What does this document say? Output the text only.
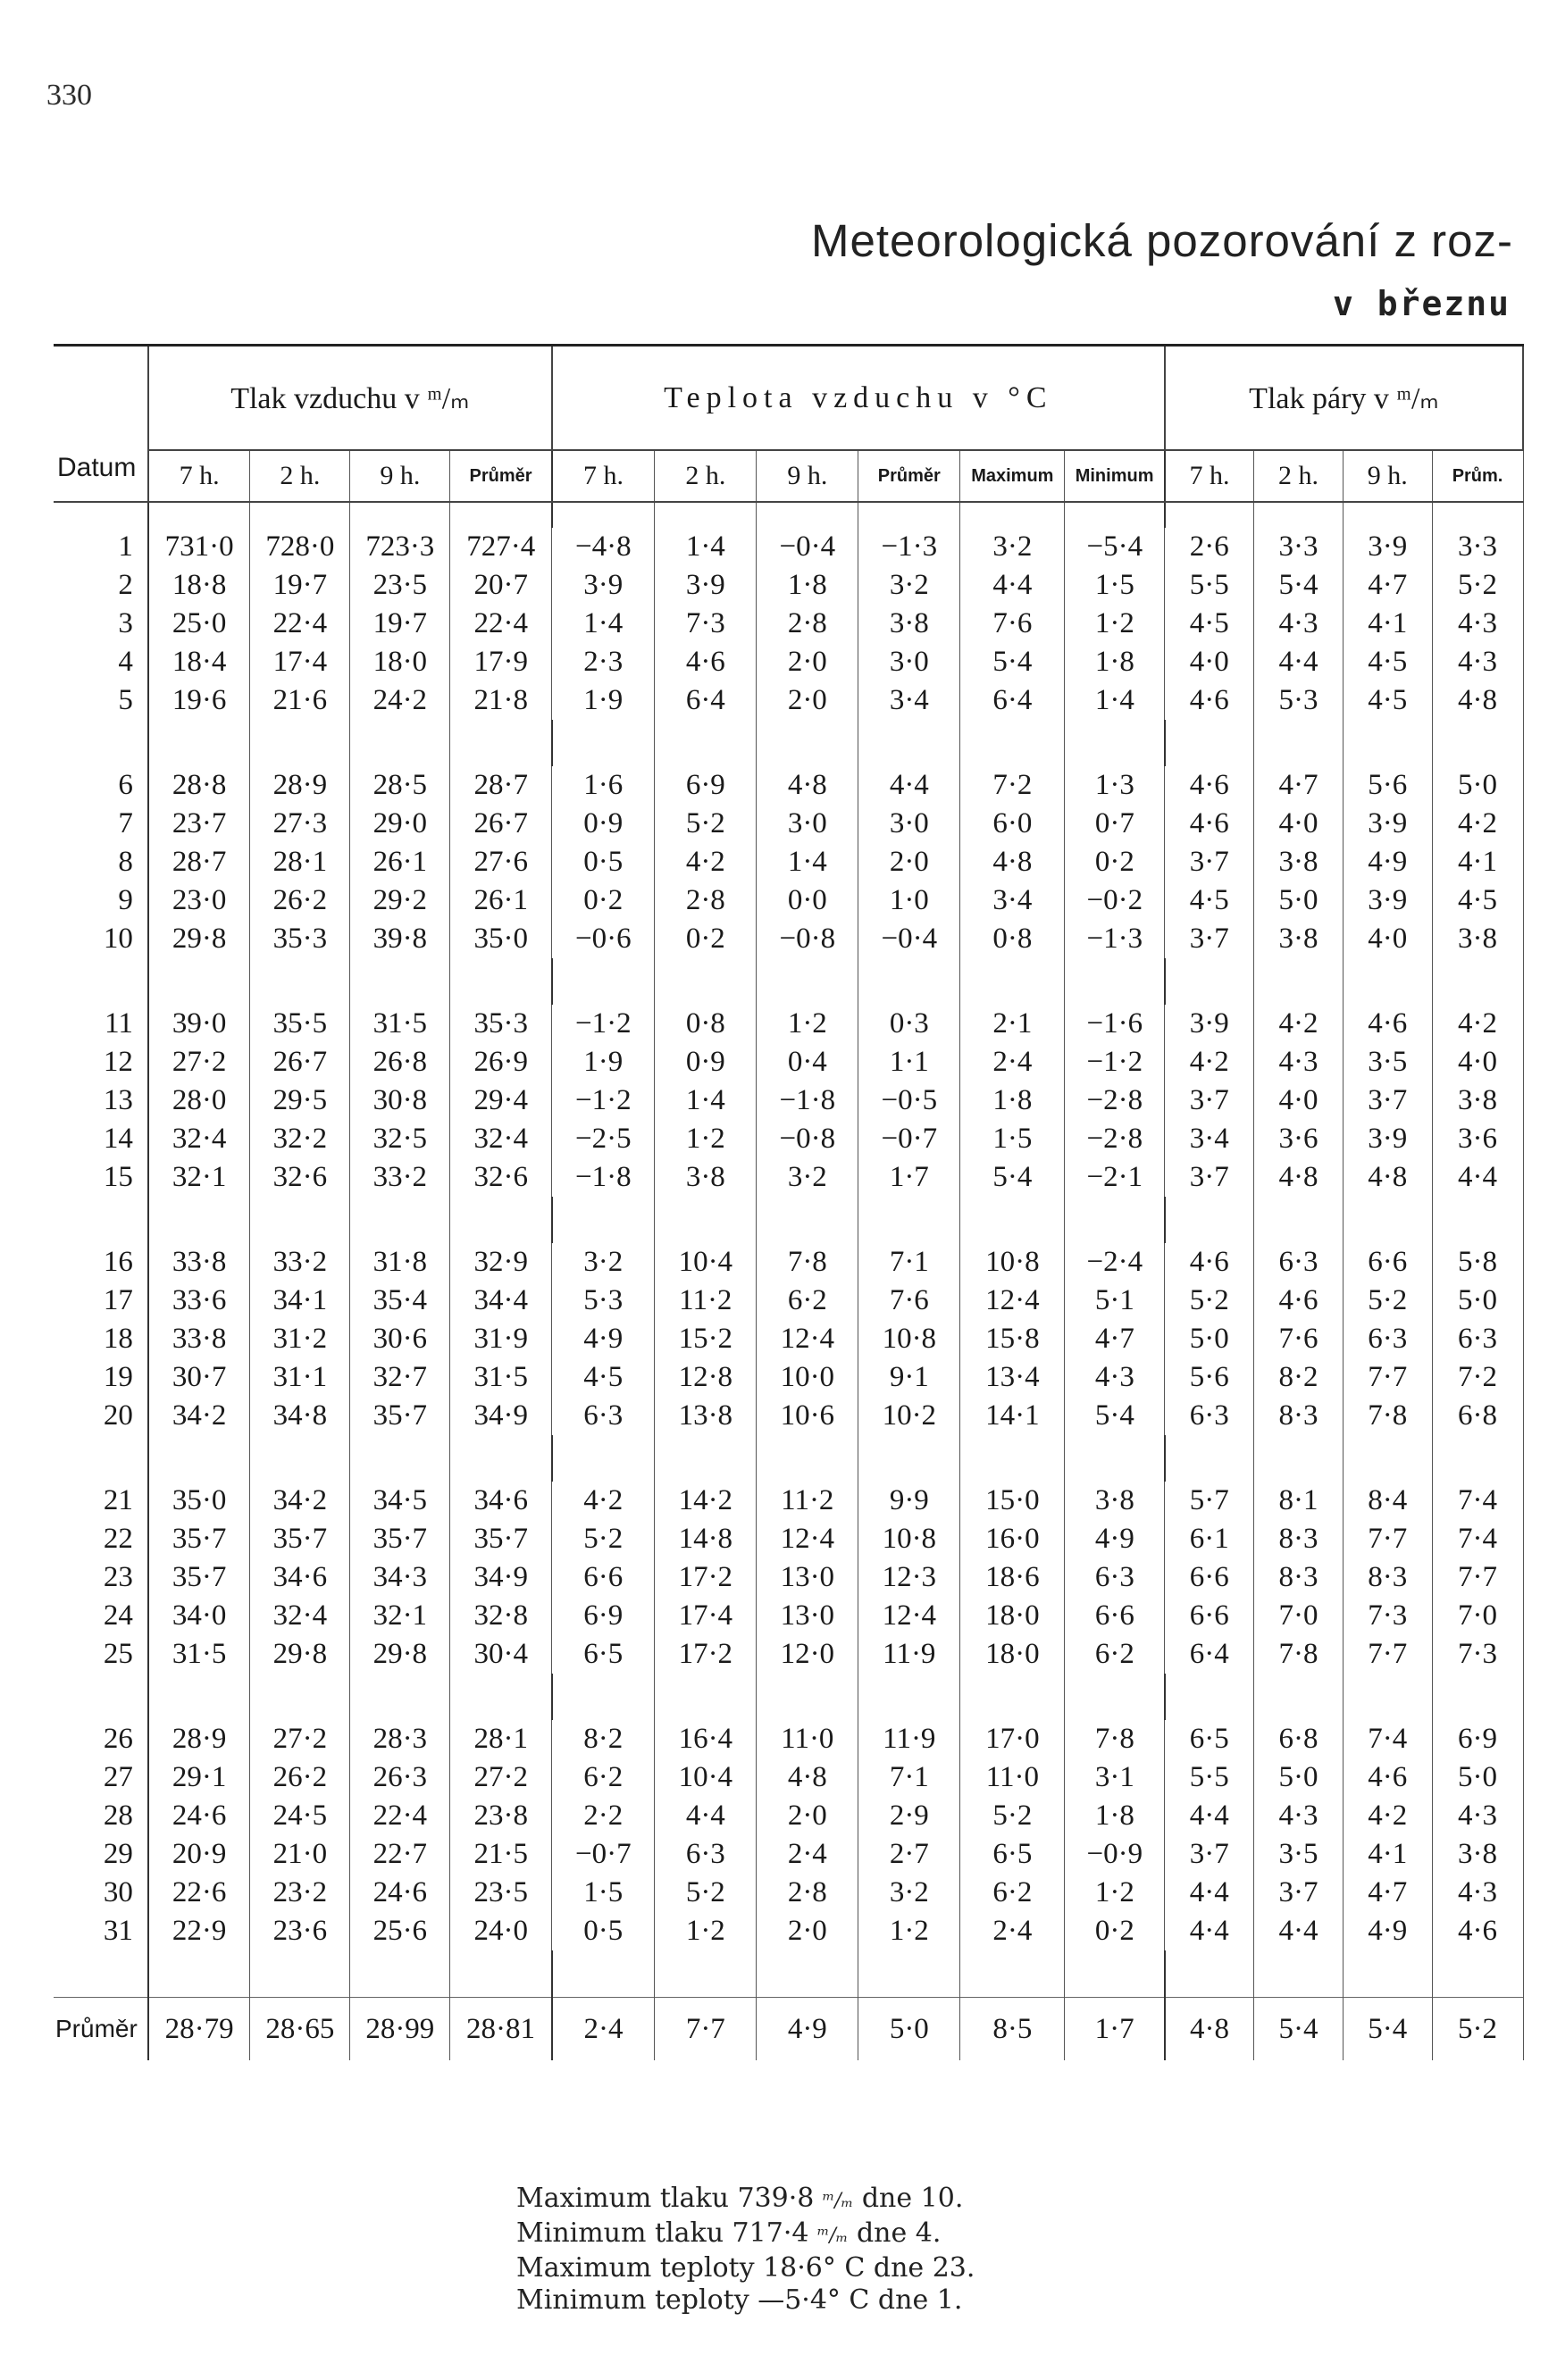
330
Meteorologická pozorování z roz-
v březnu
Datum	Tlak vzduchu v ᵐ/ₘ				Teplota vzduchu v °C						Tlak páry v ᵐ/ₘ			
	7 h.	2 h.	9 h.	Průměr	7 h.	2 h.	9 h.	Průměr	Maximum	Minimum	7 h.	2 h.	9 h.	Prům.

1	731·0	728·0	723·3	727·4	−4·8	1·4	−0·4	−1·3	3·2	−5·4	2·6	3·3	3·9	3·3
2	18·8	19·7	23·5	20·7	3·9	3·9	1·8	3·2	4·4	1·5	5·5	5·4	4·7	5·2
3	25·0	22·4	19·7	22·4	1·4	7·3	2·8	3·8	7·6	1·2	4·5	4·3	4·1	4·3
4	18·4	17·4	18·0	17·9	2·3	4·6	2·0	3·0	5·4	1·8	4·0	4·4	4·5	4·3
5	19·6	21·6	24·2	21·8	1·9	6·4	2·0	3·4	6·4	1·4	4·6	5·3	4·5	4·8

6	28·8	28·9	28·5	28·7	1·6	6·9	4·8	4·4	7·2	1·3	4·6	4·7	5·6	5·0
7	23·7	27·3	29·0	26·7	0·9	5·2	3·0	3·0	6·0	0·7	4·6	4·0	3·9	4·2
8	28·7	28·1	26·1	27·6	0·5	4·2	1·4	2·0	4·8	0·2	3·7	3·8	4·9	4·1
9	23·0	26·2	29·2	26·1	0·2	2·8	0·0	1·0	3·4	−0·2	4·5	5·0	3·9	4·5
10	29·8	35·3	39·8	35·0	−0·6	0·2	−0·8	−0·4	0·8	−1·3	3·7	3·8	4·0	3·8

11	39·0	35·5	31·5	35·3	−1·2	0·8	1·2	0·3	2·1	−1·6	3·9	4·2	4·6	4·2
12	27·2	26·7	26·8	26·9	1·9	0·9	0·4	1·1	2·4	−1·2	4·2	4·3	3·5	4·0
13	28·0	29·5	30·8	29·4	−1·2	1·4	−1·8	−0·5	1·8	−2·8	3·7	4·0	3·7	3·8
14	32·4	32·2	32·5	32·4	−2·5	1·2	−0·8	−0·7	1·5	−2·8	3·4	3·6	3·9	3·6
15	32·1	32·6	33·2	32·6	−1·8	3·8	3·2	1·7	5·4	−2·1	3·7	4·8	4·8	4·4

16	33·8	33·2	31·8	32·9	3·2	10·4	7·8	7·1	10·8	−2·4	4·6	6·3	6·6	5·8
17	33·6	34·1	35·4	34·4	5·3	11·2	6·2	7·6	12·4	5·1	5·2	4·6	5·2	5·0
18	33·8	31·2	30·6	31·9	4·9	15·2	12·4	10·8	15·8	4·7	5·0	7·6	6·3	6·3
19	30·7	31·1	32·7	31·5	4·5	12·8	10·0	9·1	13·4	4·3	5·6	8·2	7·7	7·2
20	34·2	34·8	35·7	34·9	6·3	13·8	10·6	10·2	14·1	5·4	6·3	8·3	7·8	6·8

21	35·0	34·2	34·5	34·6	4·2	14·2	11·2	9·9	15·0	3·8	5·7	8·1	8·4	7·4
22	35·7	35·7	35·7	35·7	5·2	14·8	12·4	10·8	16·0	4·9	6·1	8·3	7·7	7·4
23	35·7	34·6	34·3	34·9	6·6	17·2	13·0	12·3	18·6	6·3	6·6	8·3	8·3	7·7
24	34·0	32·4	32·1	32·8	6·9	17·4	13·0	12·4	18·0	6·6	6·6	7·0	7·3	7·0
25	31·5	29·8	29·8	30·4	6·5	17·2	12·0	11·9	18·0	6·2	6·4	7·8	7·7	7·3

26	28·9	27·2	28·3	28·1	8·2	16·4	11·0	11·9	17·0	7·8	6·5	6·8	7·4	6·9
27	29·1	26·2	26·3	27·2	6·2	10·4	4·8	7·1	11·0	3·1	5·5	5·0	4·6	5·0
28	24·6	24·5	22·4	23·8	2·2	4·4	2·0	2·9	5·2	1·8	4·4	4·3	4·2	4·3
29	20·9	21·0	22·7	21·5	−0·7	6·3	2·4	2·7	6·5	−0·9	3·7	3·5	4·1	3·8
30	22·6	23·2	24·6	23·5	1·5	5·2	2·8	3·2	6·2	1·2	4·4	3·7	4·7	4·3
31	22·9	23·6	25·6	24·0	0·5	1·2	2·0	1·2	2·4	0·2	4·4	4·4	4·9	4·6

Průměr	28·79	28·65	28·99	28·81	2·4	7·7	4·9	5·0	8·5	1·7	4·8	5·4	5·4	5·2
Maximum tlaku 739·8 ᵐ/ₘ dne 10.
Minimum tlaku 717·4 ᵐ/ₘ dne 4.
Maximum teploty 18·6° C dne 23.
Minimum teploty —5·4° C dne 1.
